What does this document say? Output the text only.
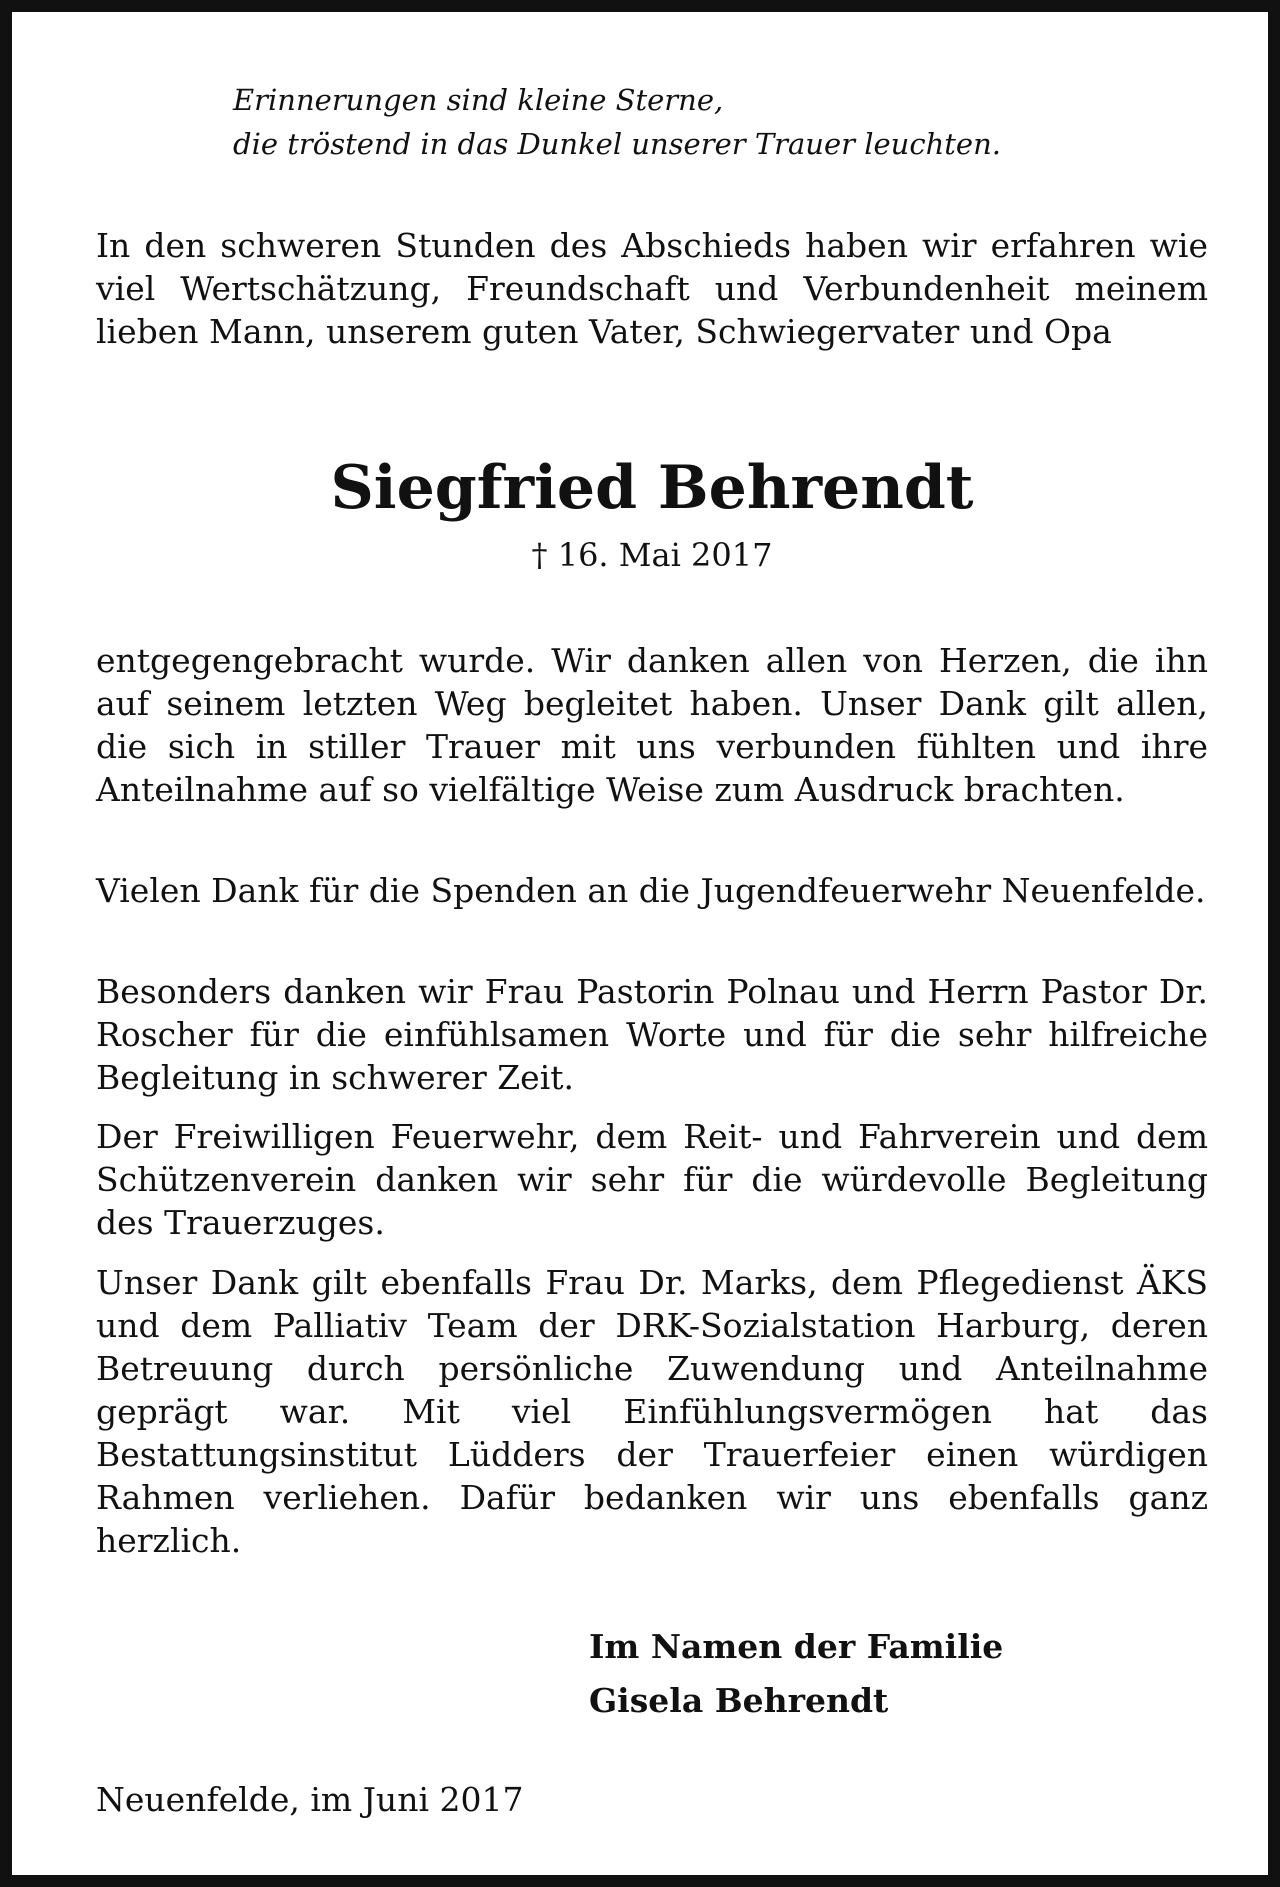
Erinnerungen sind kleine Sterne,
die tröstend in das Dunkel unserer Trauer leuchten.
In den schweren Stunden des Abschieds haben wir erfahren wie viel Wertschätzung, Freundschaft und Verbundenheit meinem lieben Mann, unserem guten Vater, Schwiegervater und Opa
Siegfried Behrendt
† 16. Mai 2017
entgegengebracht wurde. Wir danken allen von Herzen, die ihn auf seinem letzten Weg begleitet haben. Unser Dank gilt allen, die sich in stiller Trauer mit uns verbunden fühlten und ihre Anteilnahme auf so vielfältige Weise zum Ausdruck brachten.
Vielen Dank für die Spenden an die Jugendfeuerwehr Neuenfelde.
Besonders danken wir Frau Pastorin Polnau und Herrn Pastor Dr. Roscher für die einfühlsamen Worte und für die sehr hilfreiche Begleitung in schwerer Zeit.
Der Freiwilligen Feuerwehr, dem Reit- und Fahrverein und dem Schützenverein danken wir sehr für die würdevolle Begleitung des Trauerzuges.
Unser Dank gilt ebenfalls Frau Dr. Marks, dem Pflegedienst ÄKS und dem Palliativ Team der DRK-Sozialstation Harburg, deren Betreuung durch persönliche Zuwendung und Anteilnahme geprägt war. Mit viel Einfühlungsvermögen hat das Bestattungsinstitut Lüdders der Trauerfeier einen würdigen Rahmen verliehen. Dafür bedanken wir uns ebenfalls ganz herzlich.
Im Namen der Familie
Gisela Behrendt
Neuenfelde, im Juni 2017
